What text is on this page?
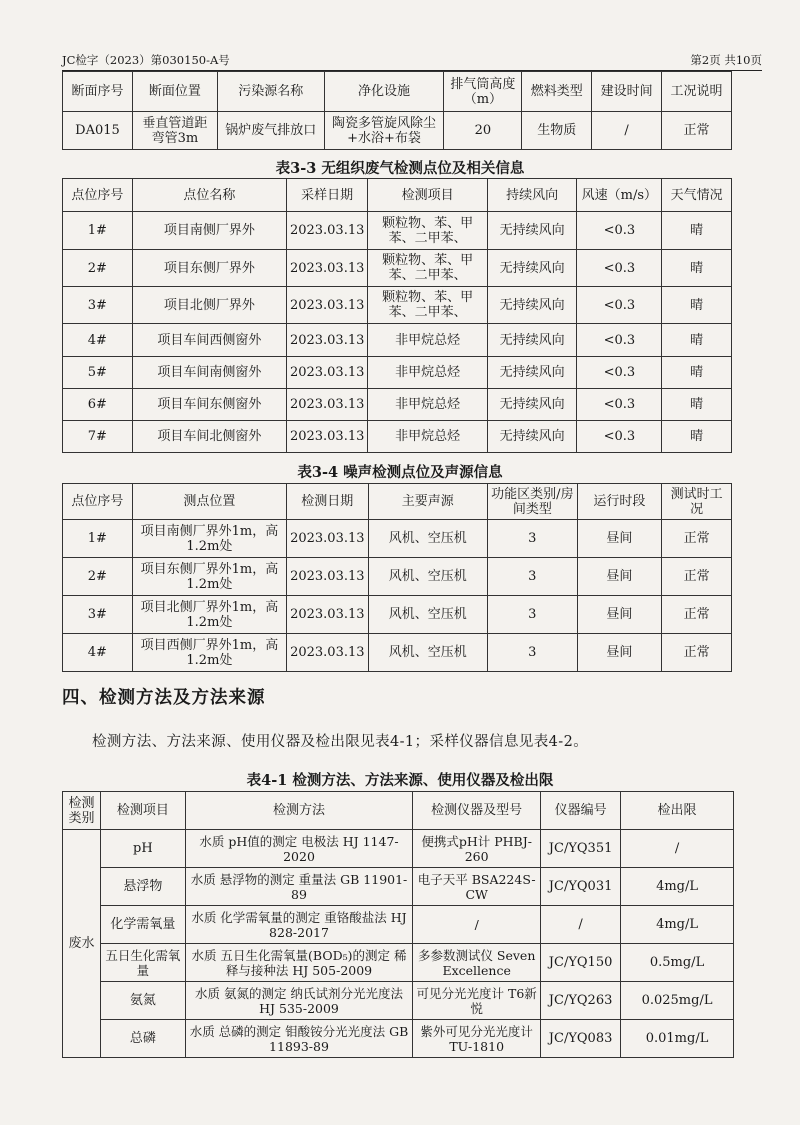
JC检字（2023）第030150-A号	第2页 共10页
断面序号	断面位置	污染源名称	净化设施	排气筒高度（m）	燃料类型	建设时间	工况说明
DA015	垂直管道距弯管3m	锅炉废气排放口	陶瓷多管旋风除尘+水浴+布袋	20	生物质	/	正常
表3-3 无组织废气检测点位及相关信息
点位序号	点位名称	采样日期	检测项目	持续风向	风速（m/s）	天气情况
1#	项目南侧厂界外	2023.03.13	颗粒物、苯、甲苯、二甲苯、	无持续风向	<0.3	晴
2#	项目东侧厂界外	2023.03.13	颗粒物、苯、甲苯、二甲苯、	无持续风向	<0.3	晴
3#	项目北侧厂界外	2023.03.13	颗粒物、苯、甲苯、二甲苯、	无持续风向	<0.3	晴
4#	项目车间西侧窗外	2023.03.13	非甲烷总烃	无持续风向	<0.3	晴
5#	项目车间南侧窗外	2023.03.13	非甲烷总烃	无持续风向	<0.3	晴
6#	项目车间东侧窗外	2023.03.13	非甲烷总烃	无持续风向	<0.3	晴
7#	项目车间北侧窗外	2023.03.13	非甲烷总烃	无持续风向	<0.3	晴
表3-4 噪声检测点位及声源信息
点位序号	测点位置	检测日期	主要声源	功能区类别/房间类型	运行时段	测试时工况
1#	项目南侧厂界外1m，高1.2m处	2023.03.13	风机、空压机	3	昼间	正常
2#	项目东侧厂界外1m，高1.2m处	2023.03.13	风机、空压机	3	昼间	正常
3#	项目北侧厂界外1m，高1.2m处	2023.03.13	风机、空压机	3	昼间	正常
4#	项目西侧厂界外1m，高1.2m处	2023.03.13	风机、空压机	3	昼间	正常
四、检测方法及方法来源
检测方法、方法来源、使用仪器及检出限见表4-1；采样仪器信息见表4-2。
表4-1 检测方法、方法来源、使用仪器及检出限
检测类别	检测项目	检测方法	检测仪器及型号	仪器编号	检出限
废水	pH	水质 pH值的测定 电极法 HJ 1147-2020	便携式pH计 PHBJ-260	JC/YQ351	/
	悬浮物	水质 悬浮物的测定 重量法 GB 11901-89	电子天平 BSA224S-CW	JC/YQ031	4mg/L
	化学需氧量	水质 化学需氧量的测定 重铬酸盐法 HJ 828-2017	/	/	4mg/L
	五日生化需氧量	水质 五日生化需氧量(BOD₅)的测定 稀释与接种法 HJ 505-2009	多参数测试仪 Seven Excellence	JC/YQ150	0.5mg/L
	氨氮	水质 氨氮的测定 纳氏试剂分光光度法 HJ 535-2009	可见分光光度计 T6新悦	JC/YQ263	0.025mg/L
	总磷	水质 总磷的测定 钼酸铵分光光度法 GB 11893-89	紫外可见分光光度计 TU-1810	JC/YQ083	0.01mg/L
